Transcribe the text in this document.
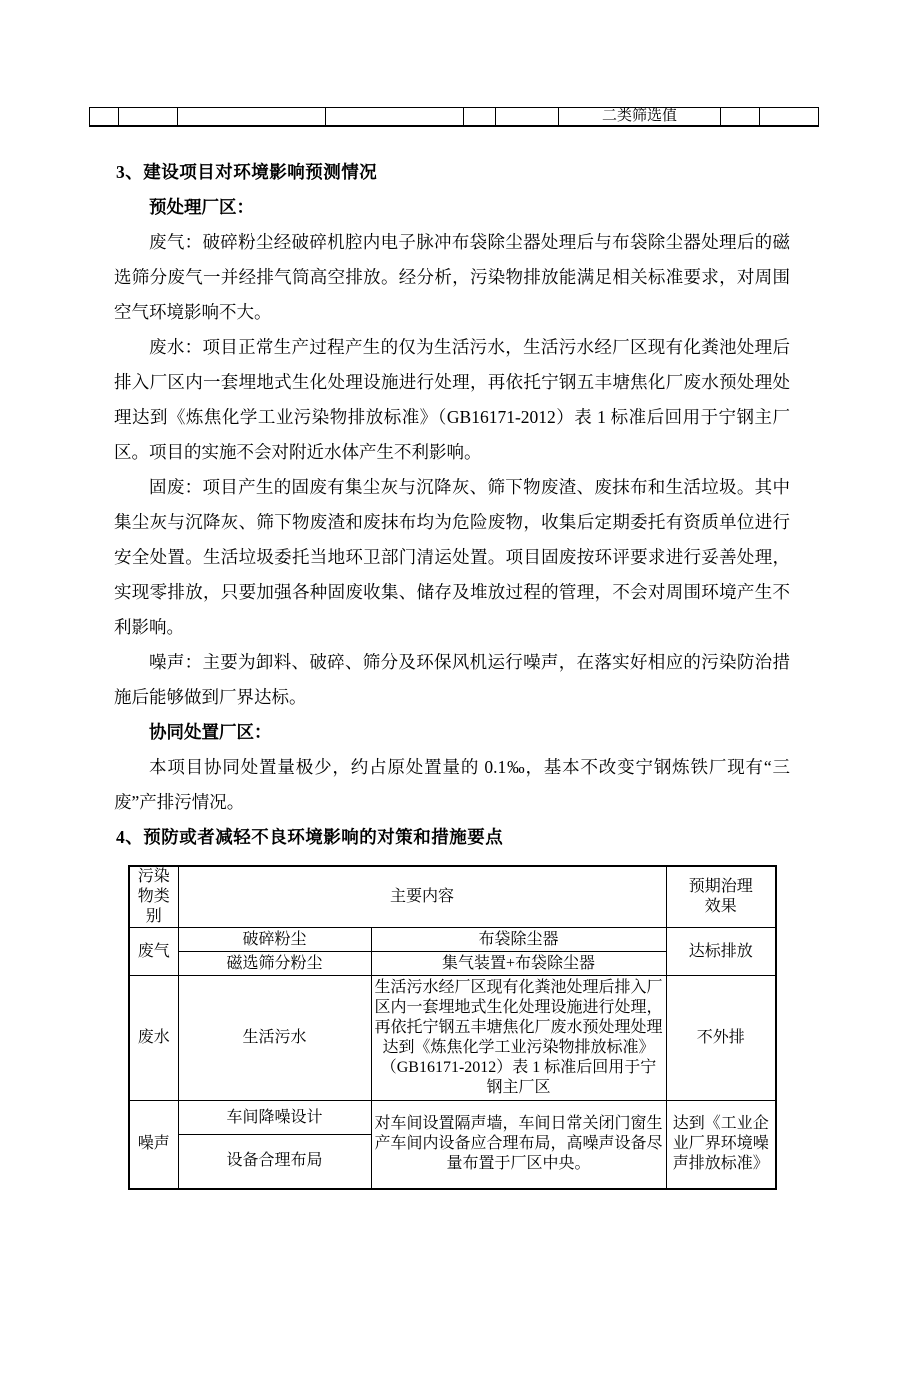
						二类筛选值		
3、建设项目对环境影响预测情况
预处理厂区：

废气：破碎粉尘经破碎机腔内电子脉冲布袋除尘器处理后与布袋除尘器处理后的磁选筛分废气一并经排气筒高空排放。经分析，污染物排放能满足相关标准要求，对周围空气环境影响不大。

废水：项目正常生产过程产生的仅为生活污水，生活污水经厂区现有化粪池处理后排入厂区内一套埋地式生化处理设施进行处理，再依托宁钢五丰塘焦化厂废水预处理处理达到《炼焦化学工业污染物排放标准》（GB16171-2012）表 1 标准后回用于宁钢主厂区。项目的实施不会对附近水体产生不利影响。

固废：项目产生的固废有集尘灰与沉降灰、筛下物废渣、废抹布和生活垃圾。其中集尘灰与沉降灰、筛下物废渣和废抹布均为危险废物，收集后定期委托有资质单位进行安全处置。生活垃圾委托当地环卫部门清运处置。项目固废按环评要求进行妥善处理，实现零排放，只要加强各种固废收集、储存及堆放过程的管理，不会对周围环境产生不利影响。

噪声：主要为卸料、破碎、筛分及环保风机运行噪声，在落实好相应的污染防治措施后能够做到厂界达标。

协同处置厂区：

本项目协同处置量极少，约占原处置量的 0.1‰，基本不改变宁钢炼铁厂现有“三废”产排污情况。

4、预防或者减轻不良环境影响的对策和措施要点
污染物类别	主要内容		预期治理效果
废气	破碎粉尘	布袋除尘器	达标排放
	磁选筛分粉尘	集气装置+布袋除尘器	
废水	生活污水	生活污水经厂区现有化粪池处理后排入厂区内一套埋地式生化处理设施进行处理，再依托宁钢五丰塘焦化厂废水预处理处理达到《炼焦化学工业污染物排放标准》（GB16171-2012）表 1 标准后回用于宁钢主厂区	不外排
噪声	车间降噪设计	对车间设置隔声墙，车间日常关闭门窗生产车间内设备应合理布局，高噪声设备尽量布置于厂区中央。	达到《工业企业厂界环境噪声排放标准》
	设备合理布局		
